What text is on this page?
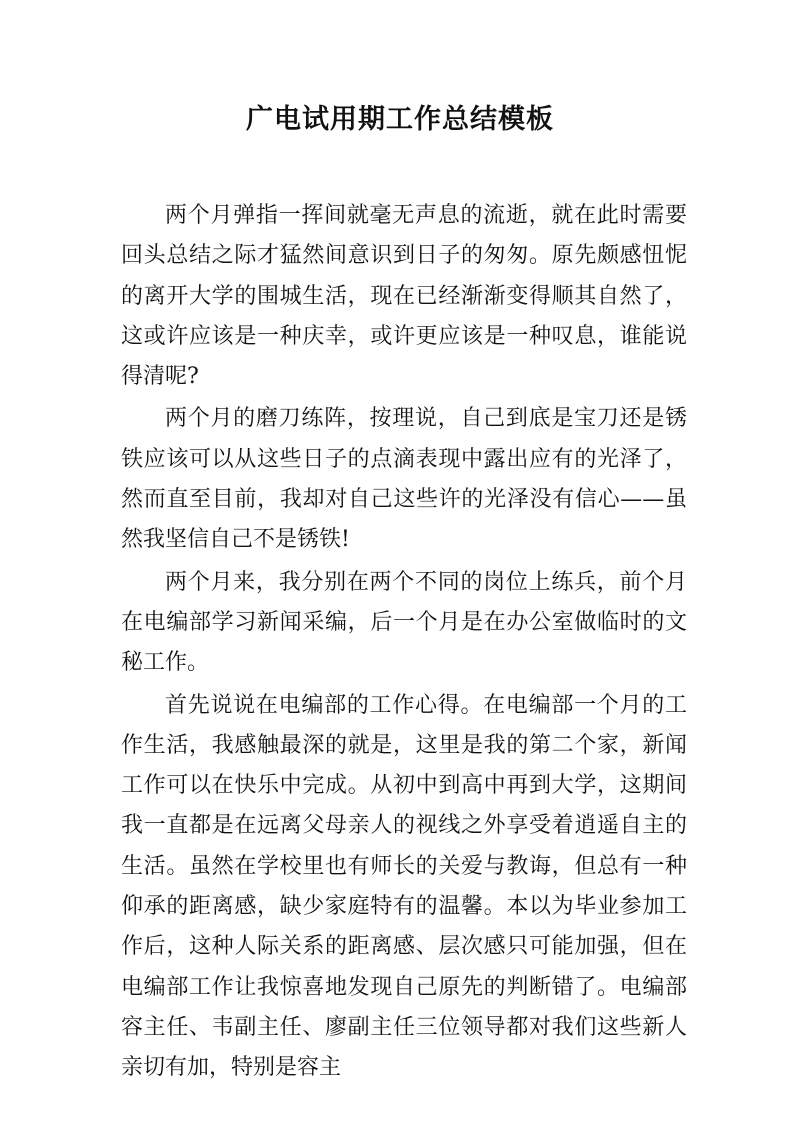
广电试用期工作总结模板

两个月弹指一挥间就毫无声息的流逝，就在此时需要回头总结之际才猛然间意识到日子的匆匆。原先颇感忸怩的离开大学的围城生活，现在已经渐渐变得顺其自然了，这或许应该是一种庆幸，或许更应该是一种叹息，谁能说得清呢?

两个月的磨刀练阵，按理说，自己到底是宝刀还是锈铁应该可以从这些日子的点滴表现中露出应有的光泽了，然而直至目前，我却对自己这些许的光泽没有信心——虽然我坚信自己不是锈铁!

两个月来，我分别在两个不同的岗位上练兵，前个月在电编部学习新闻采编，后一个月是在办公室做临时的文秘工作。

首先说说在电编部的工作心得。在电编部一个月的工作生活，我感触最深的就是，这里是我的第二个家，新闻工作可以在快乐中完成。从初中到高中再到大学，这期间我一直都是在远离父母亲人的视线之外享受着逍遥自主的生活。虽然在学校里也有师长的关爱与教诲，但总有一种仰承的距离感，缺少家庭特有的温馨。本以为毕业参加工作后，这种人际关系的距离感、层次感只可能加强，但在电编部工作让我惊喜地发现自己原先的判断错了。电编部容主任、韦副主任、廖副主任三位领导都对我们这些新人亲切有加，特别是容主
